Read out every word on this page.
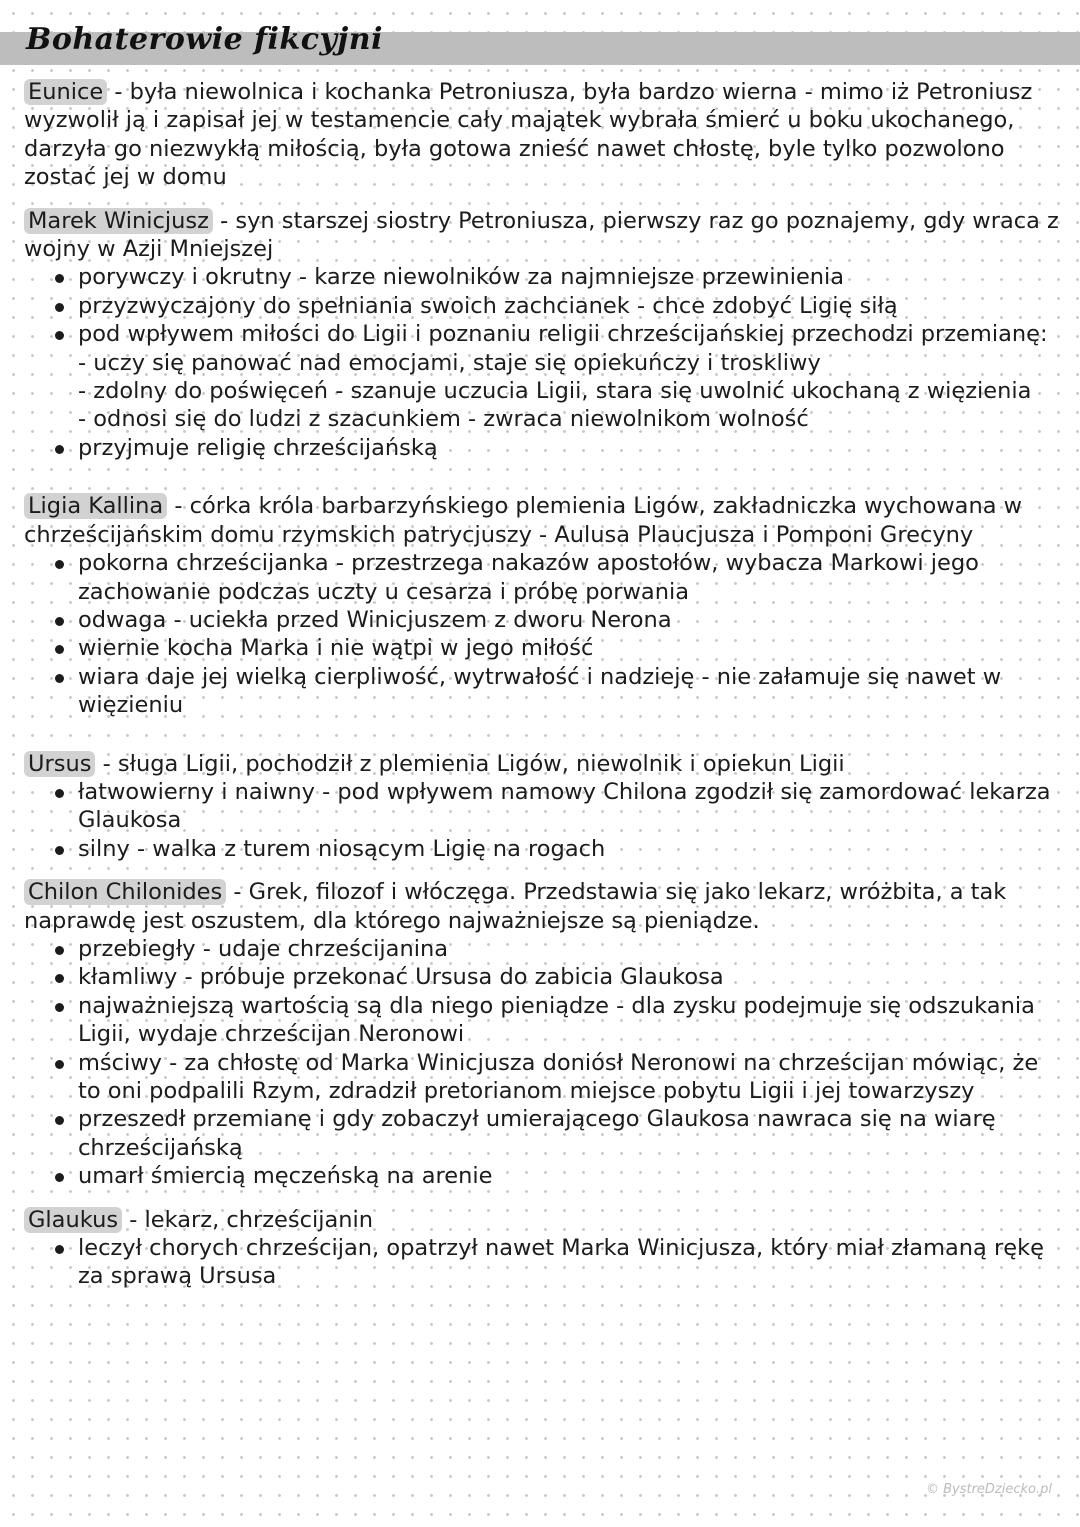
Bohaterowie fikcyjni

Eunice - była niewolnica i kochanka Petroniusza, była bardzo wierna - mimo iż Petroniusz wyzwolił ją i zapisał jej w testamencie cały majątek wybrała śmierć u boku ukochanego, darzyła go niezwykłą miłością, była gotowa znieść nawet chłostę, byle tylko pozwolono zostać jej w domu

Marek Winicjusz - syn starszej siostry Petroniusza, pierwszy raz go poznajemy, gdy wraca z wojny w Azji Mniejszej

porywczy i okrutny - karze niewolników za najmniejsze przewinienia
przyzwyczajony do spełniania swoich zachcianek - chce zdobyć Ligię siłą
pod wpływem miłości do Ligii i poznaniu religii chrześcijańskiej przechodzi przemianę:
- uczy się panować nad emocjami, staje się opiekuńczy i troskliwy
- zdolny do poświęceń - szanuje uczucia Ligii, stara się uwolnić ukochaną z więzienia
- odnosi się do ludzi z szacunkiem - zwraca niewolnikom wolność
przyjmuje religię chrześcijańską

Ligia Kallina - córka króla barbarzyńskiego plemienia Ligów, zakładniczka wychowana w chrześcijańskim domu rzymskich patrycjuszy - Aulusa Plaucjusza i Pomponi Grecyny

pokorna chrześcijanka - przestrzega nakazów apostołów, wybacza Markowi jego zachowanie podczas uczty u cesarza i próbę porwania
odwaga - uciekła przed Winicjuszem z dworu Nerona
wiernie kocha Marka i nie wątpi w jego miłość
wiara daje jej wielką cierpliwość, wytrwałość i nadzieję - nie załamuje się nawet w więzieniu

Ursus - sługa Ligii, pochodził z plemienia Ligów, niewolnik i opiekun Ligii

łatwowierny i naiwny - pod wpływem namowy Chilona zgodził się zamordować lekarza Glaukosa
silny - walka z turem niosącym Ligię na rogach

Chilon Chilonides - Grek, filozof i włóczęga. Przedstawia się jako lekarz, wróżbita, a tak naprawdę jest oszustem, dla którego najważniejsze są pieniądze.

przebiegły - udaje chrześcijanina
kłamliwy - próbuje przekonać Ursusa do zabicia Glaukosa
najważniejszą wartością są dla niego pieniądze - dla zysku podejmuje się odszukania Ligii, wydaje chrześcijan Neronowi
mściwy - za chłostę od Marka Winicjusza doniósł Neronowi na chrześcijan mówiąc, że to oni podpalili Rzym, zdradził pretorianom miejsce pobytu Ligii i jej towarzyszy
przeszedł przemianę i gdy zobaczył umierającego Glaukosa nawraca się na wiarę chrześcijańską
umarł śmiercią męczeńską na arenie

Glaukus - lekarz, chrześcijanin

leczył chorych chrześcijan, opatrzył nawet Marka Winicjusza, który miał złamaną rękę za sprawą Ursusa
© BystreDziecko.pl
